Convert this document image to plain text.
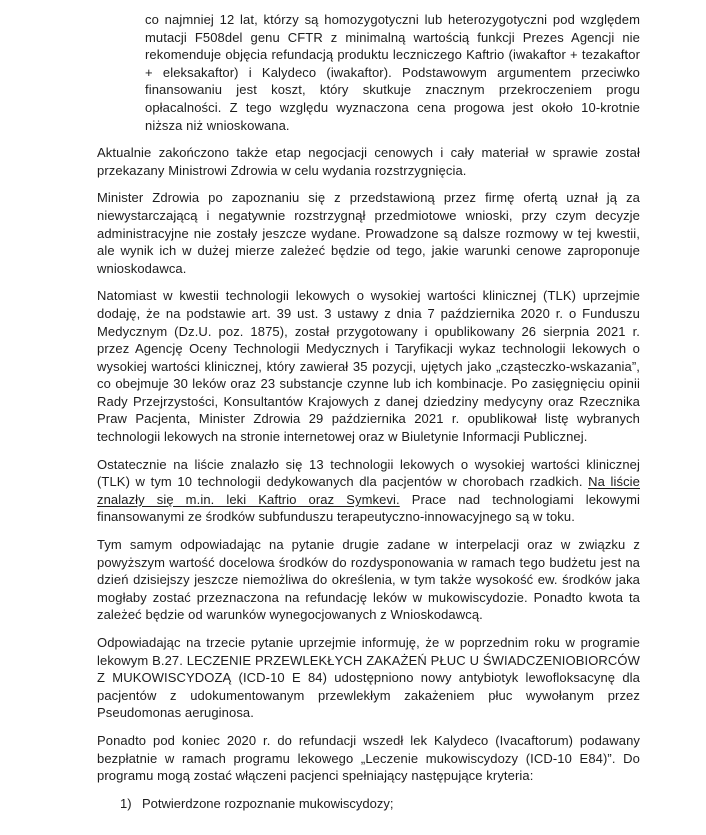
co najmniej 12 lat, którzy są homozygotyczni lub heterozygotyczni pod względem mutacji F508del genu CFTR z minimalną wartością funkcji Prezes Agencji nie rekomenduje objęcia refundacją produktu leczniczego Kaftrio (iwakaftor + tezakaftor + eleksakaftor) i Kalydeco (iwakaftor). Podstawowym argumentem przeciwko finansowaniu jest koszt, który skutkuje znacznym przekroczeniem progu opłacalności. Z tego względu wyznaczona cena progowa jest około 10-krotnie niższa niż wnioskowana.

Aktualnie zakończono także etap negocjacji cenowych i cały materiał w sprawie został przekazany Ministrowi Zdrowia w celu wydania rozstrzygnięcia.

Minister Zdrowia po zapoznaniu się z przedstawioną przez firmę ofertą uznał ją za niewystarczającą i negatywnie rozstrzygnął przedmiotowe wnioski, przy czym decyzje administracyjne nie zostały jeszcze wydane. Prowadzone są dalsze rozmowy w tej kwestii, ale wynik ich w dużej mierze zależeć będzie od tego, jakie warunki cenowe zaproponuje wnioskodawca.

Natomiast w kwestii technologii lekowych o wysokiej wartości klinicznej (TLK) uprzejmie dodaję, że na podstawie art. 39 ust. 3 ustawy z dnia 7 października 2020 r. o Funduszu Medycznym (Dz.U. poz. 1875), został przygotowany i opublikowany 26 sierpnia 2021 r. przez Agencję Oceny Technologii Medycznych i Taryfikacji wykaz technologii lekowych o wysokiej wartości klinicznej, który zawierał 35 pozycji, ujętych jako „cząsteczko-wskazania”, co obejmuje 30 leków oraz 23 substancje czynne lub ich kombinacje. Po zasięgnięciu opinii Rady Przejrzystości, Konsultantów Krajowych z danej dziedziny medycyny oraz Rzecznika Praw Pacjenta, Minister Zdrowia 29 października 2021 r. opublikował listę wybranych technologii lekowych na stronie internetowej oraz w Biuletynie Informacji Publicznej.

Ostatecznie na liście znalazło się 13 technologii lekowych o wysokiej wartości klinicznej (TLK) w tym 10 technologii dedykowanych dla pacjentów w chorobach rzadkich. Na liście znalazły się m.in. leki Kaftrio oraz Symkevi. Prace nad technologiami lekowymi finansowanymi ze środków subfunduszu terapeutyczno-innowacyjnego są w toku.

Tym samym odpowiadając na pytanie drugie zadane w interpelacji oraz w związku z powyższym wartość docelowa środków do rozdysponowania w ramach tego budżetu jest na dzień dzisiejszy jeszcze niemożliwa do określenia, w tym także wysokość ew. środków jaka mogłaby zostać przeznaczona na refundację leków w mukowiscydozie. Ponadto kwota ta zależeć będzie od warunków wynegocjowanych z Wnioskodawcą.

Odpowiadając na trzecie pytanie uprzejmie informuję, że w poprzednim roku w programie lekowym B.27. LECZENIE PRZEWLEKŁYCH ZAKAŻEŃ PŁUC U ŚWIADCZENIOBIORCÓW Z MUKOWISCYDOZĄ (ICD-10 E 84) udostępniono nowy antybiotyk lewofloksacynę dla pacjentów z udokumentowanym przewlekłym zakażeniem płuc wywołanym przez Pseudomonas aeruginosa.

Ponadto pod koniec 2020 r. do refundacji wszedł lek Kalydeco (Ivacaftorum) podawany bezpłatnie w ramach programu lekowego „Leczenie mukowiscydozy (ICD-10 E84)”. Do programu mogą zostać włączeni pacjenci spełniający następujące kryteria:

1) Potwierdzone rozpoznanie mukowiscydozy;
